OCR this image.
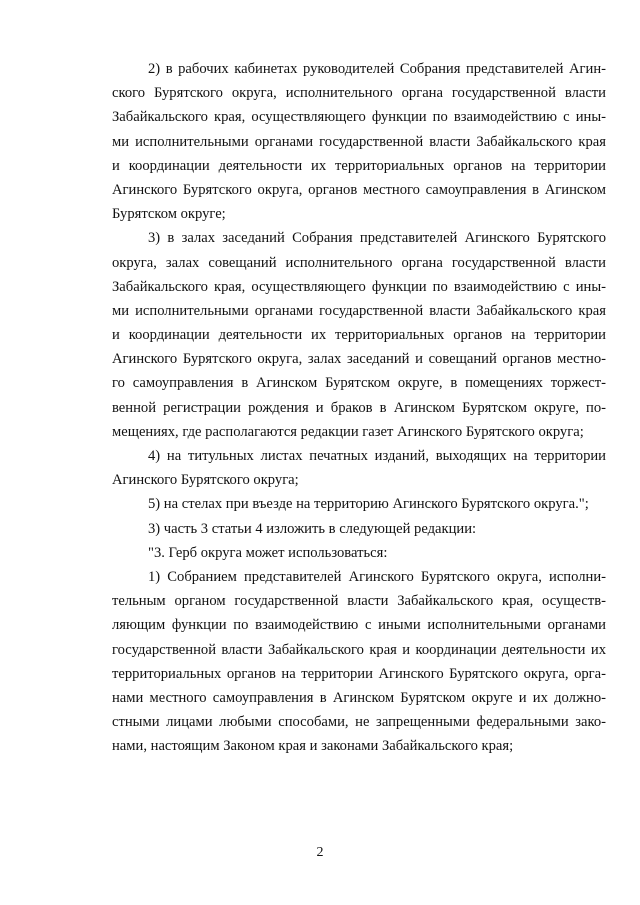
2) в рабочих кабинетах руководителей Собрания представителей Агин-
ского Бурятского округа, исполнительного органа государственной власти
Забайкальского края, осуществляющего функции по взаимодействию с ины-
ми исполнительными органами государственной власти Забайкальского края
и координации деятельности их территориальных органов на территории
Агинского Бурятского округа, органов местного самоуправления в Агинском
Бурятском округе;
3) в залах заседаний Собрания представителей Агинского Бурятского
округа, залах совещаний исполнительного органа государственной власти
Забайкальского края, осуществляющего функции по взаимодействию с ины-
ми исполнительными органами государственной власти Забайкальского края
и координации деятельности их территориальных органов на территории
Агинского Бурятского округа, залах заседаний и совещаний органов местно-
го самоуправления в Агинском Бурятском округе, в помещениях торжест-
венной регистрации рождения и браков в Агинском Бурятском округе, по-
мещениях, где располагаются редакции газет Агинского Бурятского округа;
4) на титульных листах печатных изданий, выходящих на территории
Агинского Бурятского округа;
5) на стелах при въезде на территорию Агинского Бурятского округа.";
3) часть 3 статьи 4 изложить в следующей редакции:
"3. Герб округа может использоваться:
1) Собранием представителей Агинского Бурятского округа, исполни-
тельным органом государственной власти Забайкальского края, осуществ-
ляющим функции по взаимодействию с иными исполнительными органами
государственной власти Забайкальского края и координации деятельности их
территориальных органов на территории Агинского Бурятского округа, орга-
нами местного самоуправления в Агинском Бурятском округе и их должно-
стными лицами любыми способами, не запрещенными федеральными зако-
нами, настоящим Законом края и законами Забайкальского края;
2
